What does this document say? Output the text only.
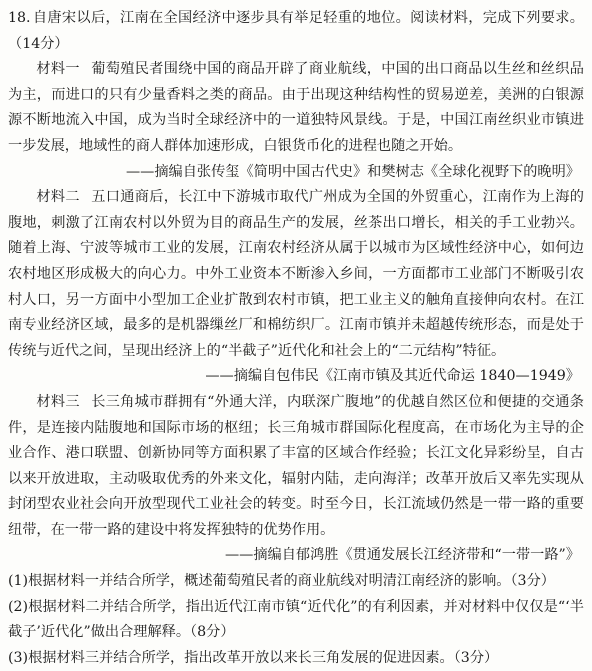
18. 自唐宋以后，江南在全国经济中逐步具有举足轻重的地位。阅读材料，完成下列要求。（14分）

材料一 葡萄殖民者围绕中国的商品开辟了商业航线，中国的出口商品以生丝和丝织品为主，而进口的只有少量香料之类的商品。由于出现这种结构性的贸易逆差，美洲的白银源源不断地流入中国，成为当时全球经济中的一道独特风景线。于是，中国江南丝织业市镇进一步发展，地域性的商人群体加速形成，白银货币化的进程也随之开始。

——摘编自张传玺《简明中国古代史》和樊树志《全球化视野下的晚明》

材料二 五口通商后，长江中下游城市取代广州成为全国的外贸重心，江南作为上海的腹地，刺激了江南农村以外贸为目的商品生产的发展，丝茶出口增长，相关的手工业勃兴。随着上海、宁波等城市工业的发展，江南农村经济从属于以城市为区域性经济中心，如何边农村地区形成极大的向心力。中外工业资本不断渗入乡间，一方面都市工业部门不断吸引农村人口，另一方面中小型加工企业扩散到农村市镇，把工业主义的触角直接伸向农村。在江南专业经济区域，最多的是机器缫丝厂和棉纺织厂。江南市镇并未超越传统形态，而是处于传统与近代之间，呈现出经济上的“半截子”近代化和社会上的“二元结构”特征。

——摘编自包伟民《江南市镇及其近代命运 1840—1949》

材料三 长三角城市群拥有“外通大洋，内联深广腹地”的优越自然区位和便捷的交通条件，是连接内陆腹地和国际市场的枢纽；长三角城市群国际化程度高，在市场化为主导的企业合作、港口联盟、创新协同等方面积累了丰富的区域合作经验；长江文化异彩纷呈，自古以来开放进取，主动吸取优秀的外来文化，辐射内陆，走向海洋；改革开放后又率先实现从封闭型农业社会向开放型现代工业社会的转变。时至今日，长江流域仍然是一带一路的重要纽带，在一带一路的建设中将发挥独特的优势作用。

——摘编自郁鸿胜《贯通发展长江经济带和“一带一路”》

(1)根据材料一并结合所学，概述葡萄殖民者的商业航线对明清江南经济的影响。（3分）

(2)根据材料二并结合所学，指出近代江南市镇“近代化”的有利因素，并对材料中仅仅是“‘半截子’近代化”做出合理解释。（8分）

(3)根据材料三并结合所学，指出改革开放以来长三角发展的促进因素。（3分）
